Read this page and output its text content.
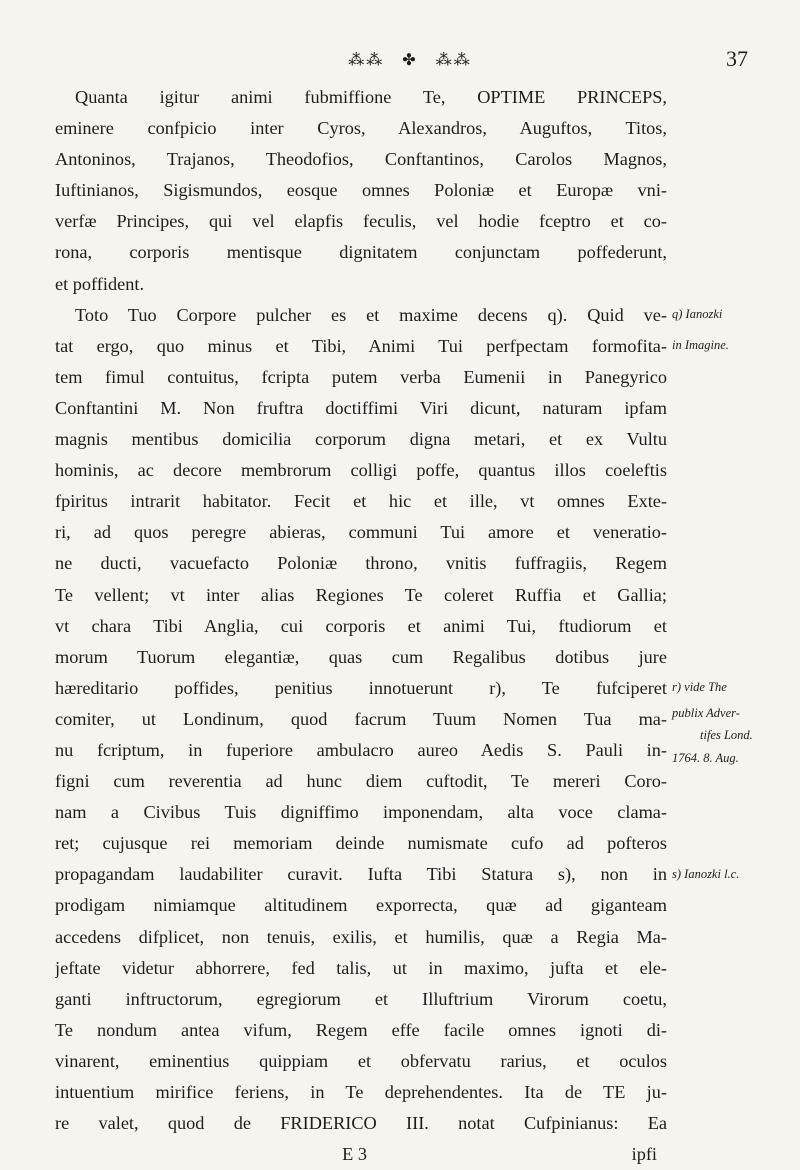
⁂⁂ ✤ ⁂⁂	37
Quanta igitur animi fubmiffione Te, OPTIME PRINCEPS,
eminere confpicio inter Cyros, Alexandros, Auguftos, Titos,
Antoninos, Trajanos, Theodofios, Conftantinos, Carolos Magnos,
Iuftinianos, Sigismundos, eosque omnes Poloniæ et Europæ vni-
verfæ Principes, qui vel elapfis feculis, vel hodie fceptro et co-
rona, corporis mentisque dignitatem conjunctam poffederunt,
et poffident.
Toto Tuo Corpore pulcher es et maxime decens q). Quid ve-
tat ergo, quo minus et Tibi, Animi Tui perfpectam formofita-
tem fimul contuitus, fcripta putem verba Eumenii in Panegyrico
Conftantini M. Non fruftra doctiffimi Viri dicunt, naturam ipfam
magnis mentibus domicilia corporum digna metari, et ex Vultu
hominis, ac decore membrorum colligi poffe, quantus illos coeleftis
fpiritus intrarit habitator. Fecit et hic et ille, vt omnes Exte-
ri, ad quos peregre abieras, communi Tui amore et veneratio-
ne ducti, vacuefacto Poloniæ throno, vnitis fuffragiis, Regem
Te vellent; vt inter alias Regiones Te coleret Ruffia et Gallia;
vt chara Tibi Anglia, cui corporis et animi Tui, ftudiorum et
morum Tuorum elegantiæ, quas cum Regalibus dotibus jure
hæreditario poffides, penitius innotuerunt r), Te fufciperet
comiter, ut Londinum, quod facrum Tuum Nomen Tua ma-
nu fcriptum, in fuperiore ambulacro aureo Aedis S. Pauli in-
figni cum reverentia ad hunc diem cuftodit, Te mereri Coro-
nam a Civibus Tuis digniffimo imponendam, alta voce clama-
ret; cujusque rei memoriam deinde numismate cufo ad pofteros
propagandam laudabiliter curavit. Iufta Tibi Statura s), non in
prodigam nimiamque altitudinem exporrecta, quæ ad giganteam
accedens difplicet, non tenuis, exilis, et humilis, quæ a Regia Ma-
jeftate videtur abhorrere, fed talis, ut in maximo, jufta et ele-
ganti inftructorum, egregiorum et Illuftrium Virorum coetu,
Te nondum antea vifum, Regem effe facile omnes ignoti di-
vinarent, eminentius quippiam et obfervatu rarius, et oculos
intuentium mirifice feriens, in Te deprehendentes. Ita de TE ju-
re valet, quod de FRIDERICO III. notat Cufpinianus: Ea
E 3	ipfi
q) Ianozki
in Imagine.
r) vide The
publix Adver-
tifes Lond.
1764. 8. Aug.
s) Ianozki l.c.
